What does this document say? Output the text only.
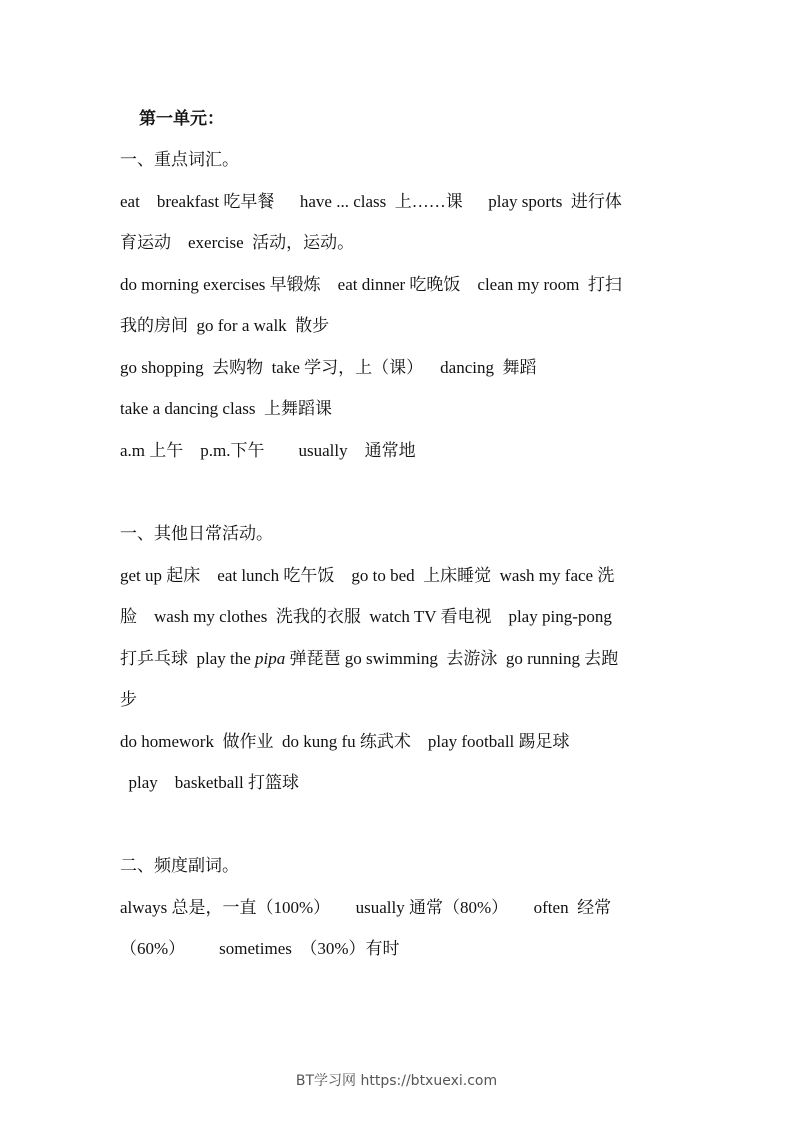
第一单元：
一、重点词汇。
eat    breakfast 吃早餐      have ... class  上……课      play sports  进行体
育运动    exercise  活动，运动。
do morning exercises 早锻炼    eat dinner 吃晚饭    clean my room  打扫
我的房间  go for a walk  散步
go shopping  去购物  take 学习，上（课）    dancing  舞蹈
take a dancing class  上舞蹈课
a.m 上午    p.m.下午        usually    通常地
一、其他日常活动。
get up 起床    eat lunch 吃午饭    go to bed  上床睡觉  wash my face 洗
脸    wash my clothes  洗我的衣服  watch TV 看电视    play ping-pong
打乒乓球  play the pipa 弹琵琶 go swimming  去游泳  go running 去跑
步
do homework  做作业  do kung fu 练武术    play football 踢足球
play    basketball 打篮球
二、频度副词。
always 总是，一直（100%）      usually 通常（80%）      often  经常
（60%）        sometimes  （30%）有时
BT学习网 https://btxuexi.com
